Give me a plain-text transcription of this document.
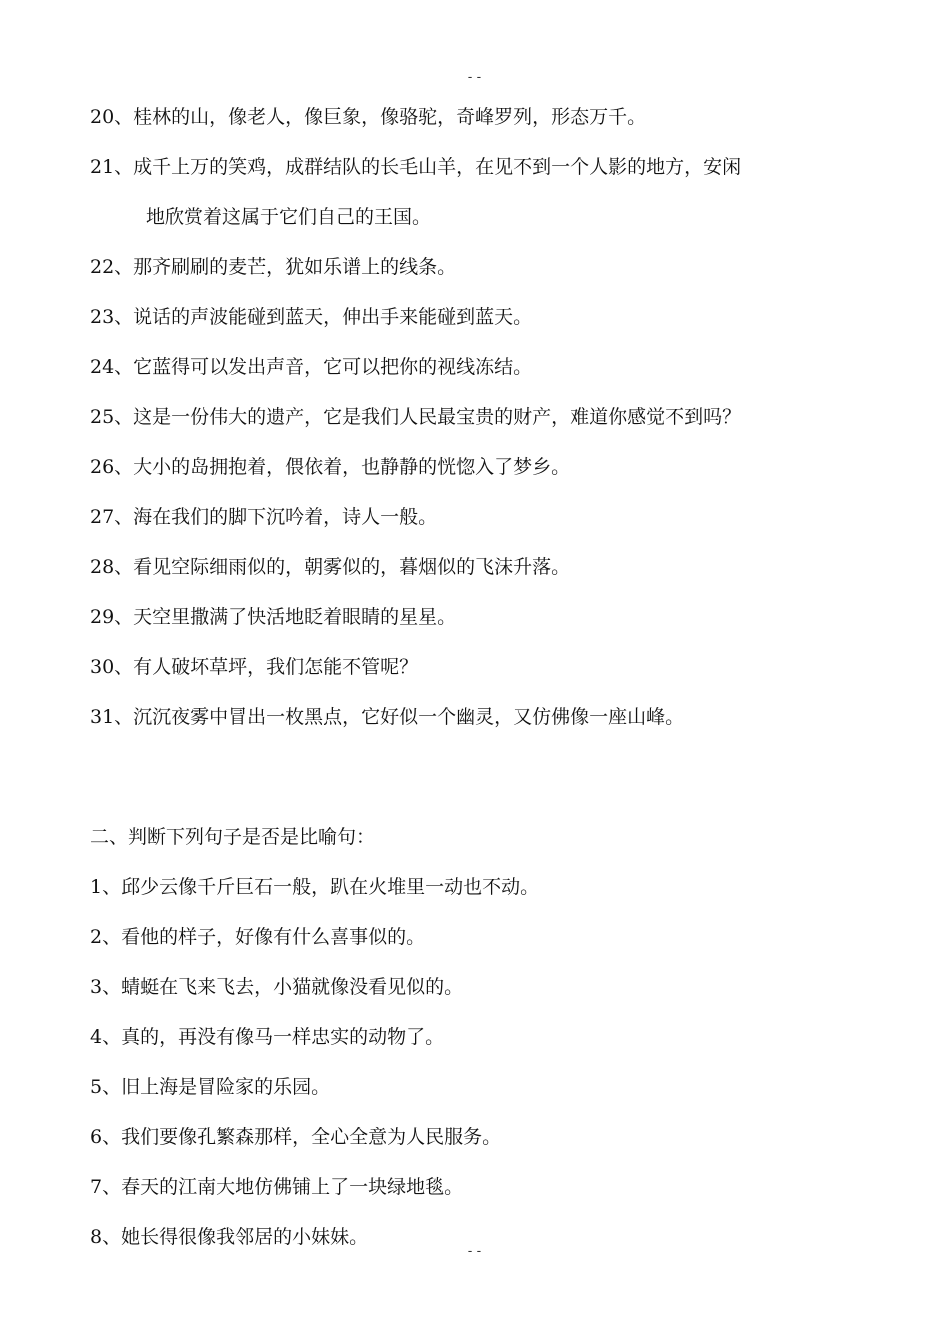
--
20、桂林的山，像老人，像巨象，像骆驼，奇峰罗列，形态万千。
21、成千上万的笑鸡，成群结队的长毛山羊，在见不到一个人影的地方，安闲
地欣赏着这属于它们自己的王国。
22、那齐刷刷的麦芒，犹如乐谱上的线条。
23、说话的声波能碰到蓝天，伸出手来能碰到蓝天。
24、它蓝得可以发出声音，它可以把你的视线冻结。
25、这是一份伟大的遗产，它是我们人民最宝贵的财产，难道你感觉不到吗？
26、大小的岛拥抱着，偎依着，也静静的恍惚入了梦乡。
27、海在我们的脚下沉吟着，诗人一般。
28、看见空际细雨似的，朝雾似的，暮烟似的飞沫升落。
29、天空里撒满了快活地眨着眼睛的星星。
30、有人破坏草坪，我们怎能不管呢？
31、沉沉夜雾中冒出一枚黑点，它好似一个幽灵，又仿佛像一座山峰。
二、判断下列句子是否是比喻句：
1、邱少云像千斤巨石一般，趴在火堆里一动也不动。
2、看他的样子，好像有什么喜事似的。
3、蜻蜓在飞来飞去，小猫就像没看见似的。
4、真的，再没有像马一样忠实的动物了。
5、旧上海是冒险家的乐园。
6、我们要像孔繁森那样，全心全意为人民服务。
7、春天的江南大地仿佛铺上了一块绿地毯。
8、她长得很像我邻居的小妹妹。
--
